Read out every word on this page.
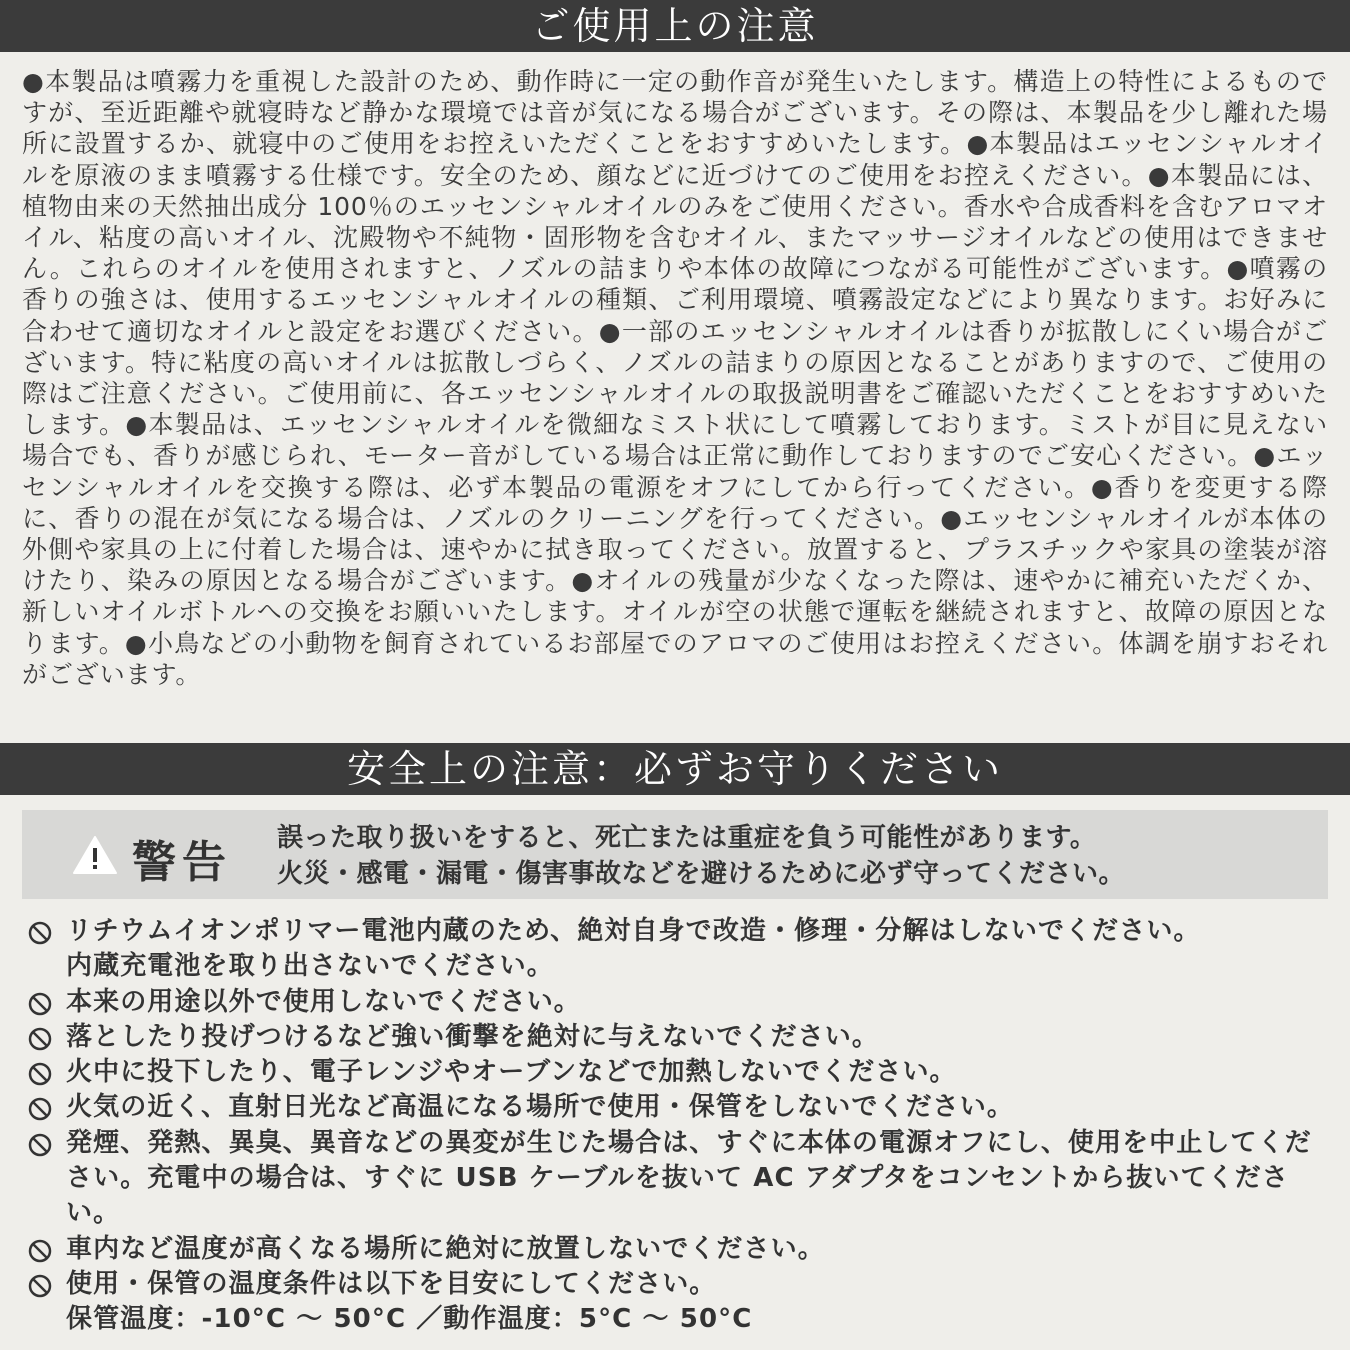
ご使用上の注意

●本製品は噴霧力を重視した設計のため、動作時に一定の動作音が発生いたします。構造上の特性によるものですが、至近距離や就寝時など静かな環境では音が気になる場合がございます。その際は、本製品を少し離れた場所に設置するか、就寝中のご使用をお控えいただくことをおすすめいたします。●本製品はエッセンシャルオイルを原液のまま噴霧する仕様です。安全のため、顔などに近づけてのご使用をお控えください。●本製品には、植物由来の天然抽出成分 100％のエッセンシャルオイルのみをご使用ください。香水や合成香料を含むアロマオイル、粘度の高いオイル、沈殿物や不純物・固形物を含むオイル、またマッサージオイルなどの使用はできません。これらのオイルを使用されますと、ノズルの詰まりや本体の故障につながる可能性がございます。●噴霧の香りの強さは、使用するエッセンシャルオイルの種類、ご利用環境、噴霧設定などにより異なります。お好みに合わせて適切なオイルと設定をお選びください。●一部のエッセンシャルオイルは香りが拡散しにくい場合がございます。特に粘度の高いオイルは拡散しづらく、ノズルの詰まりの原因となることがありますので、ご使用の際はご注意ください。ご使用前に、各エッセンシャルオイルの取扱説明書をご確認いただくことをおすすめいたします。●本製品は、エッセンシャルオイルを微細なミスト状にして噴霧しております。ミストが目に見えない場合でも、香りが感じられ、モーター音がしている場合は正常に動作しておりますのでご安心ください。●エッセンシャルオイルを交換する際は、必ず本製品の電源をオフにしてから行ってください。●香りを変更する際に、香りの混在が気になる場合は、ノズルのクリーニングを行ってください。●エッセンシャルオイルが本体の外側や家具の上に付着した場合は、速やかに拭き取ってください。放置すると、プラスチックや家具の塗装が溶けたり、染みの原因となる場合がございます。●オイルの残量が少なくなった際は、速やかに補充いただくか、新しいオイルボトルへの交換をお願いいたします。オイルが空の状態で運転を継続されますと、故障の原因となります。●小鳥などの小動物を飼育されているお部屋でのアロマのご使用はお控えください。体調を崩すおそれがございます。

安全上の注意：必ずお守りください
警告 誤った取り扱いをすると、死亡または重症を負う可能性があります。
火災・感電・漏電・傷害事故などを避けるために必ず守ってください。
リチウムイオンポリマー電池内蔵のため、絶対自身で改造・修理・分解はしないでください。
内蔵充電池を取り出さないでください。
本来の用途以外で使用しないでください。
落としたり投げつけるなど強い衝撃を絶対に与えないでください。
火中に投下したり、電子レンジやオーブンなどで加熱しないでください。
火気の近く、直射日光など高温になる場所で使用・保管をしないでください。
発煙、発熱、異臭、異音などの異変が生じた場合は、すぐに本体の電源オフにし、使用を中止してください。充電中の場合は、すぐに USB ケーブルを抜いて AC アダプタをコンセントから抜いてください。
車内など温度が高くなる場所に絶対に放置しないでください。
使用・保管の温度条件は以下を目安にしてください。
保管温度：-10°C 〜 50°C ／動作温度：5°C 〜 50°C
